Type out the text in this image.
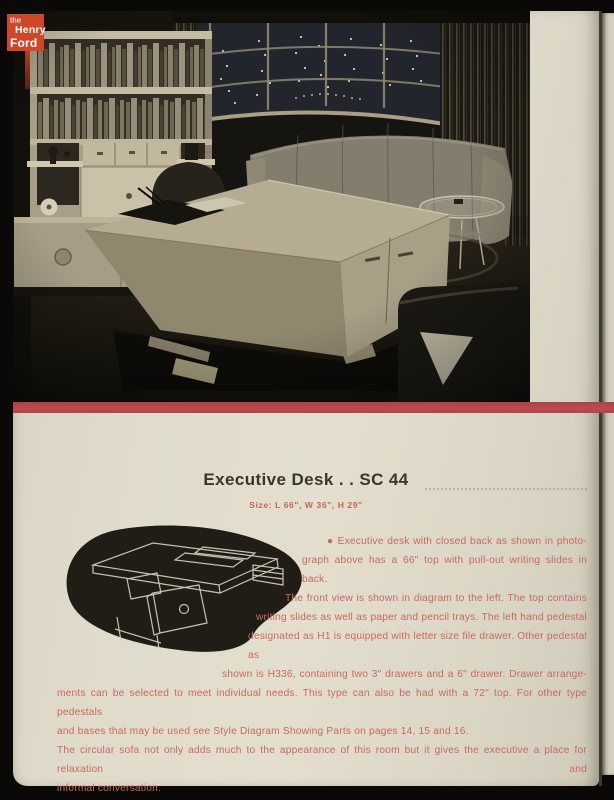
the
Henry
Ford
Executive Desk . . SC 44
Size: L 66", W 36", H 29"
● Executive desk with closed back as shown in photo-
graph above has a 66" top with pull-out writing slides in back.
The front view is shown in diagram to the left. The top contains
writing slides as well as paper and pencil trays. The left hand pedestal
designated as H1 is equipped with letter size file drawer. Other pedestal as
shown is H336, containing two 3" drawers and a 6" drawer. Drawer arrange-
ments can be selected to meet individual needs. This type can also be had with a 72" top. For other type pedestals
and bases that may be used see Style Diagram Showing Parts on pages 14, 15 and 16.
The circular sofa not only adds much to the appearance of this room but it gives the executive a place for relaxation and
informal conversation.
